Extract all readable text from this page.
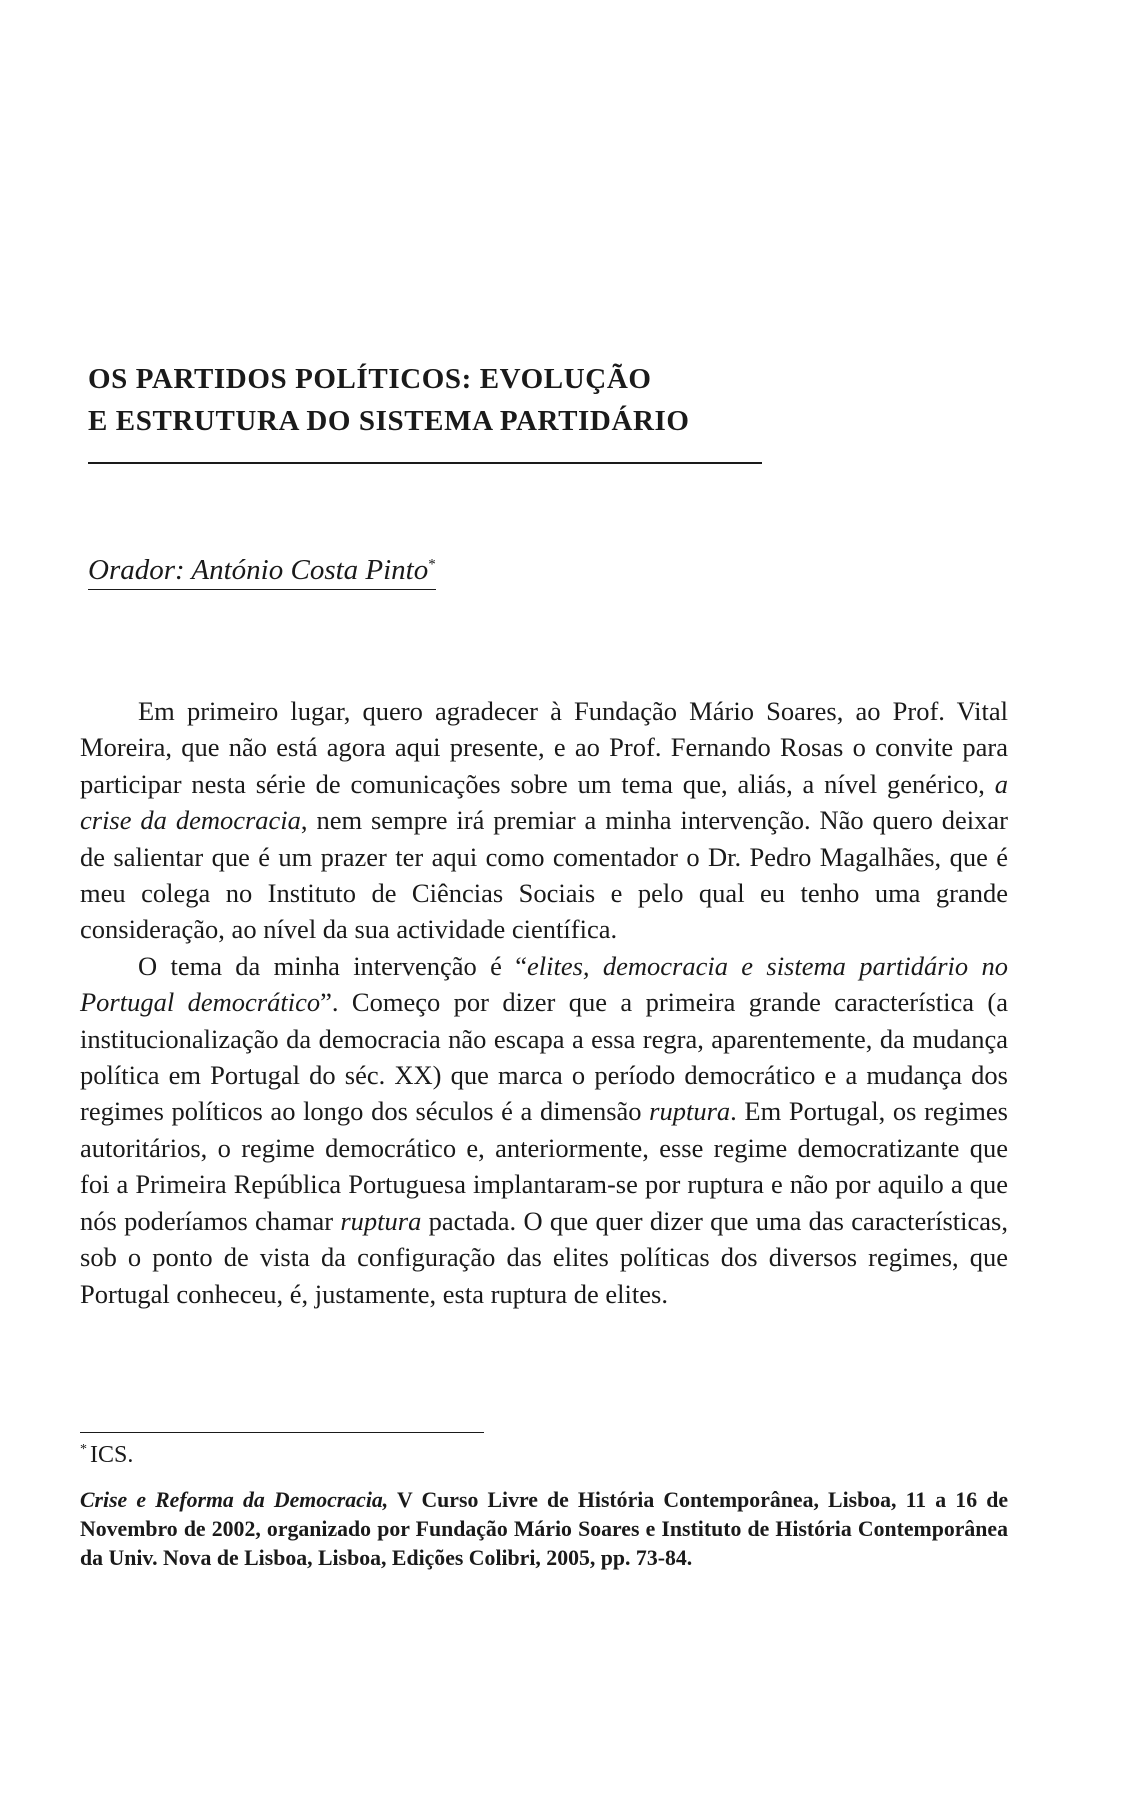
OS PARTIDOS POLÍTICOS: EVOLUÇÃO
E ESTRUTURA DO SISTEMA PARTIDÁRIO
Orador: António Costa Pinto*

Em primeiro lugar, quero agradecer à Fundação Mário Soares, ao Prof. Vital Moreira, que não está agora aqui presente, e ao Prof. Fernando Rosas o convite para participar nesta série de comunicações sobre um tema que, aliás, a nível genérico, a crise da democracia, nem sempre irá premiar a minha intervenção. Não quero deixar de salientar que é um prazer ter aqui como comentador o Dr. Pedro Magalhães, que é meu colega no Instituto de Ciências Sociais e pelo qual eu tenho uma grande consideração, ao nível da sua actividade científica.

O tema da minha intervenção é “elites, democracia e sistema partidário no Portugal democrático”. Começo por dizer que a primeira grande característica (a institucionalização da democracia não escapa a essa regra, aparentemente, da mudança política em Portugal do séc. XX) que marca o período democrático e a mudança dos regimes políticos ao longo dos séculos é a dimensão ruptura. Em Portugal, os regimes autoritários, o regime democrático e, anteriormente, esse regime democratizante que foi a Primeira República Portuguesa implantaram-se por ruptura e não por aquilo a que nós poderíamos chamar ruptura pactada. O que quer dizer que uma das características, sob o ponto de vista da configuração das elites políticas dos diversos regimes, que Portugal conheceu, é, justamente, esta ruptura de elites.

* ICS.
Crise e Reforma da Democracia, V Curso Livre de História Contemporânea, Lisboa, 11 a 16 de Novembro de 2002, organizado por Fundação Mário Soares e Instituto de História Contemporânea da Univ. Nova de Lisboa, Lisboa, Edições Colibri, 2005, pp. 73-84.
